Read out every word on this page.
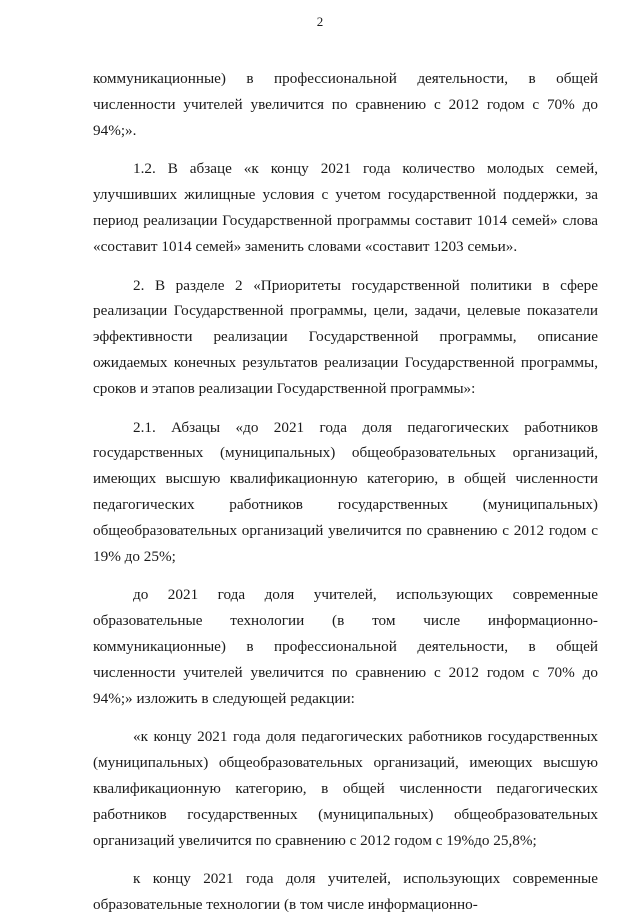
2

коммуникационные) в профессиональной деятельности, в общей численности учителей увеличится по сравнению с 2012 годом с 70% до 94%;».

1.2. В абзаце «к концу 2021 года количество молодых семей, улучшивших жилищные условия с учетом государственной поддержки, за период реализации Государственной программы составит 1014 семей» слова «составит 1014 семей» заменить словами «составит 1203 семьи».

2. В разделе 2 «Приоритеты государственной политики в сфере реализации Государственной программы, цели, задачи, целевые показатели эффективности реализации Государственной программы, описание ожидаемых конечных результатов реализации Государственной программы, сроков и этапов реализации Государственной программы»:

2.1. Абзацы «до 2021 года доля педагогических работников государственных (муниципальных) общеобразовательных организаций, имеющих высшую квалификационную категорию, в общей численности педагогических работников государственных (муниципальных) общеобразовательных организаций увеличится по сравнению с 2012 годом с 19% до 25%;

до 2021 года доля учителей, использующих современные образовательные технологии (в том числе информационно-коммуникационные) в профессиональной деятельности, в общей численности учителей увеличится по сравнению с 2012 годом с 70% до 94%;» изложить в следующей редакции:

«к концу 2021 года доля педагогических работников государственных (муниципальных) общеобразовательных организаций, имеющих высшую квалификационную категорию, в общей численности педагогических работников государственных (муниципальных) общеобразовательных организаций увеличится по сравнению с 2012 годом с 19%до 25,8%;

к концу 2021 года доля учителей, использующих современные образовательные технологии (в том числе информационно-
